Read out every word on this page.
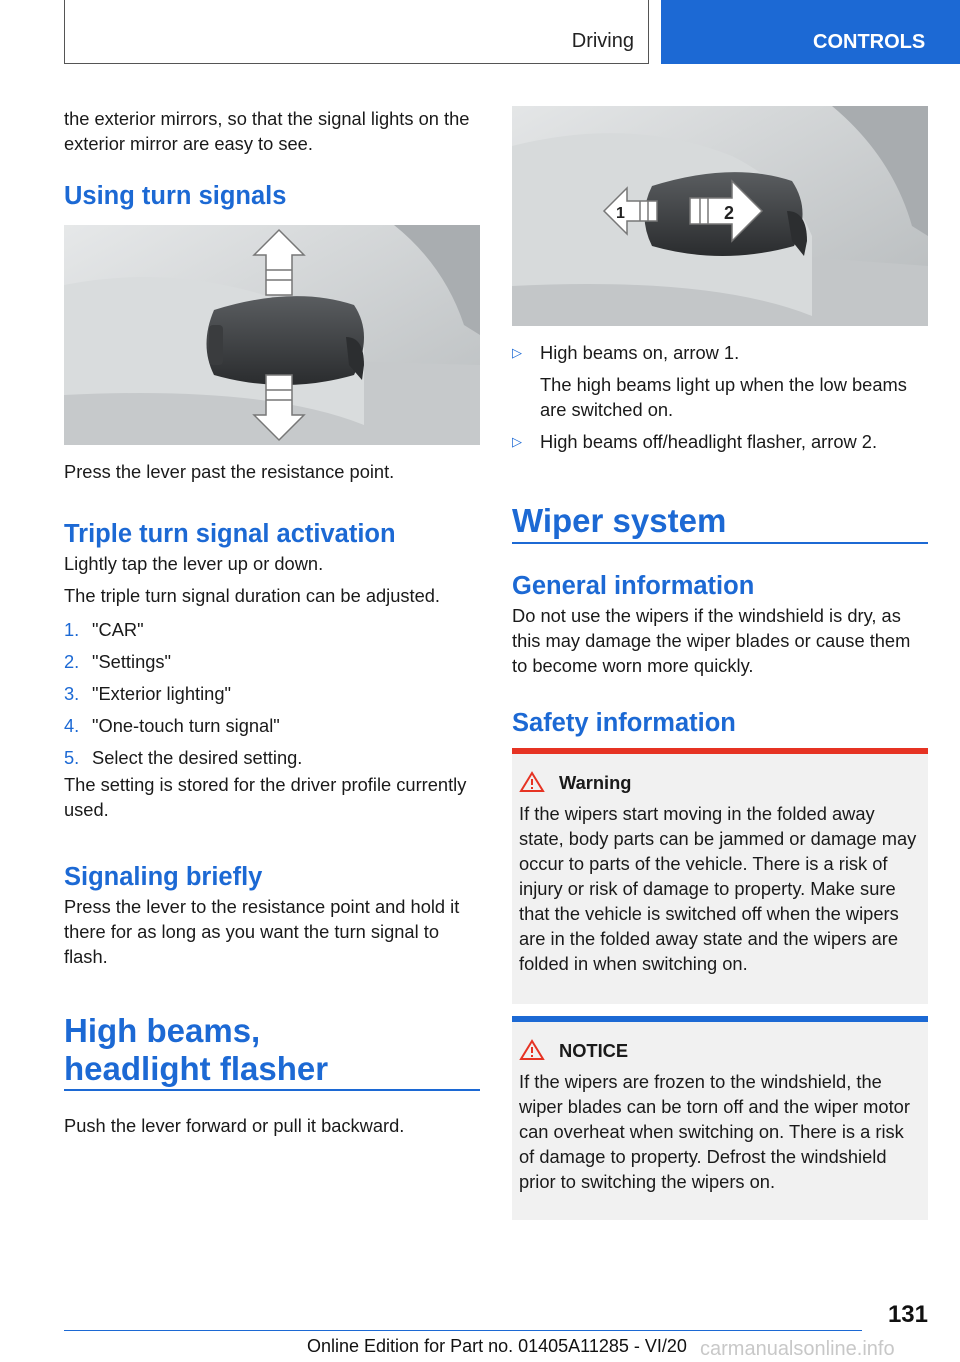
Driving	CONTROLS

the exterior mirrors, so that the signal lights on the exterior mirror are easy to see.

Using turn signals

Press the lever past the resistance point.

Triple turn signal activation

Lightly tap the lever up or down.

The triple turn signal duration can be adjusted.

1. "CAR"
2. "Settings"
3. "Exterior lighting"
4. "One-touch turn signal"
5. Select the desired setting.

The setting is stored for the driver profile currently used.

Signaling briefly

Press the lever to the resistance point and hold it there for as long as you want the turn signal to flash.

High beams,
headlight flasher

Push the lever forward or pull it backward.

1	2
▷ High beams on, arrow 1.
The high beams light up when the low beams are switched on.
▷ High beams off/headlight flasher, arrow 2.
Wiper system
General information

Do not use the wipers if the windshield is dry, as this may damage the wiper blades or cause them to become worn more quickly.

Safety information
Warning

If the wipers start moving in the folded away state, body parts can be jammed or damage may occur to parts of the vehicle. There is a risk of injury or risk of damage to property. Make sure that the vehicle is switched off when the wipers are in the folded away state and the wipers are folded in when switching on.

NOTICE

If the wipers are frozen to the windshield, the wiper blades can be torn off and the wiper motor can overheat when switching on. There is a risk of damage to property. Defrost the windshield prior to switching the wipers on.

131
Online Edition for Part no. 01405A11285 - VI/20 carmanualsonline.info
